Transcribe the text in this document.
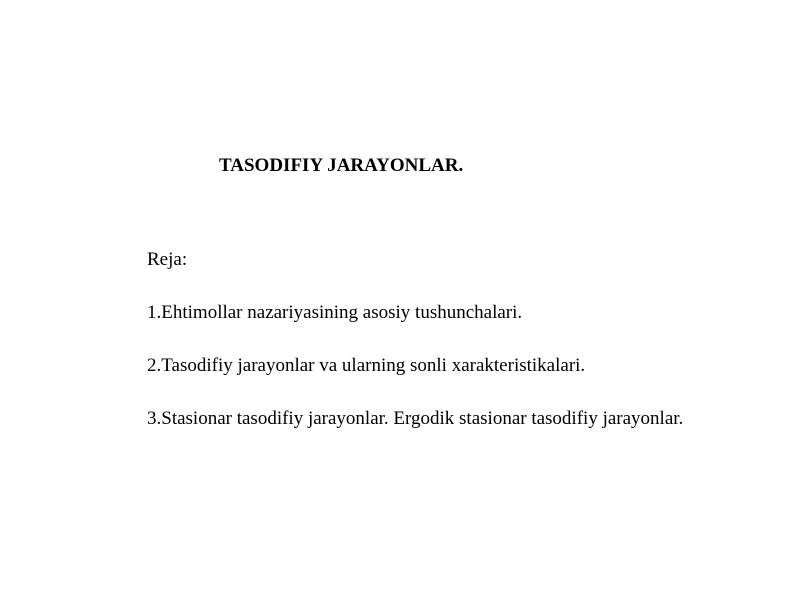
TASODIFIY JARAYONLAR.
Reja:
1.Ehtimollar nazariyasining asosiy tushunchalari.
2.Tasodifiy jarayonlar va ularning sonli xarakteristikalari.
3.Stasionar tasodifiy jarayonlar. Ergodik stasionar tasodifiy jarayonlar.
